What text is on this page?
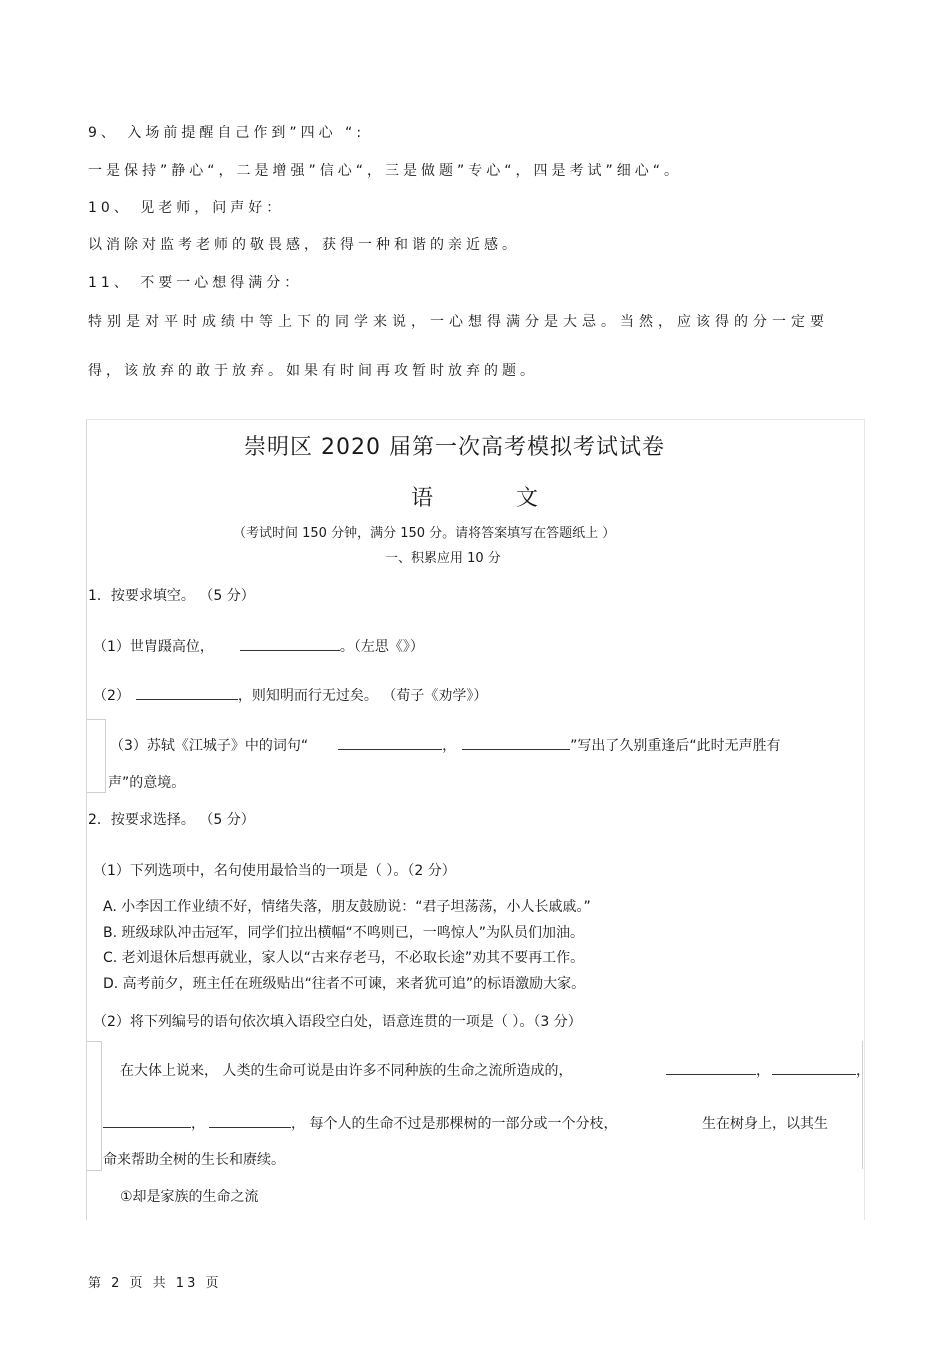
9、 入场前提醒自己作到”四心 “:
一是保持”静心“，二是增强”信心“，三是做题”专心“，四是考试”细心“。
10、 见老师，问声好：
以消除对监考老师的敬畏感，获得一种和谐的亲近感。
11、 不要一心想得满分：
特别是对平时成绩中等上下的同学来说，一心想得满分是大忌。当然，应该得的分一定要
得，该放弃的敢于放弃。如果有时间再攻暂时放弃的题。
崇明区 2020 届第一次高考模拟考试试卷
语	文
（考试时间 150 分钟，满分 150 分。请将答案填写在答题纸上 ）
一、积累应用 10 分
1．按要求填空。 （5 分）
（1）世胄蹑高位，	。（左思《》）
（2）	，则知明而行无过矣。 （荀子《劝学》）
（3）苏轼《江城子》中的词句“	，	”写出了久别重逢后“此时无声胜有
声”的意境。
2．按要求选择。 （5 分）
（1）下列选项中，名句使用最恰当的一项是（ ）。（2 分）
A. 小李因工作业绩不好，情绪失落，朋友鼓励说：“君子坦荡荡，小人长戚戚。”
B. 班级球队冲击冠军，同学们拉出横幅“不鸣则已，一鸣惊人”为队员们加油。
C. 老刘退休后想再就业，家人以“古来存老马，不必取长途”劝其不要再工作。
D. 高考前夕，班主任在班级贴出“往者不可谏，来者犹可追”的标语激励大家。
（2）将下列编号的语句依次填入语段空白处，语意连贯的一项是（ ）。（3 分）
在大体上说来， 人类的生命可说是由许多不同种族的生命之流所造成的，	，	，
，	， 每个人的生命不过是那棵树的一部分或一个分枝，	生在树身上，以其生
命来帮助全树的生长和赓续。
①却是家族的生命之流
第 2 页 共 13 页
